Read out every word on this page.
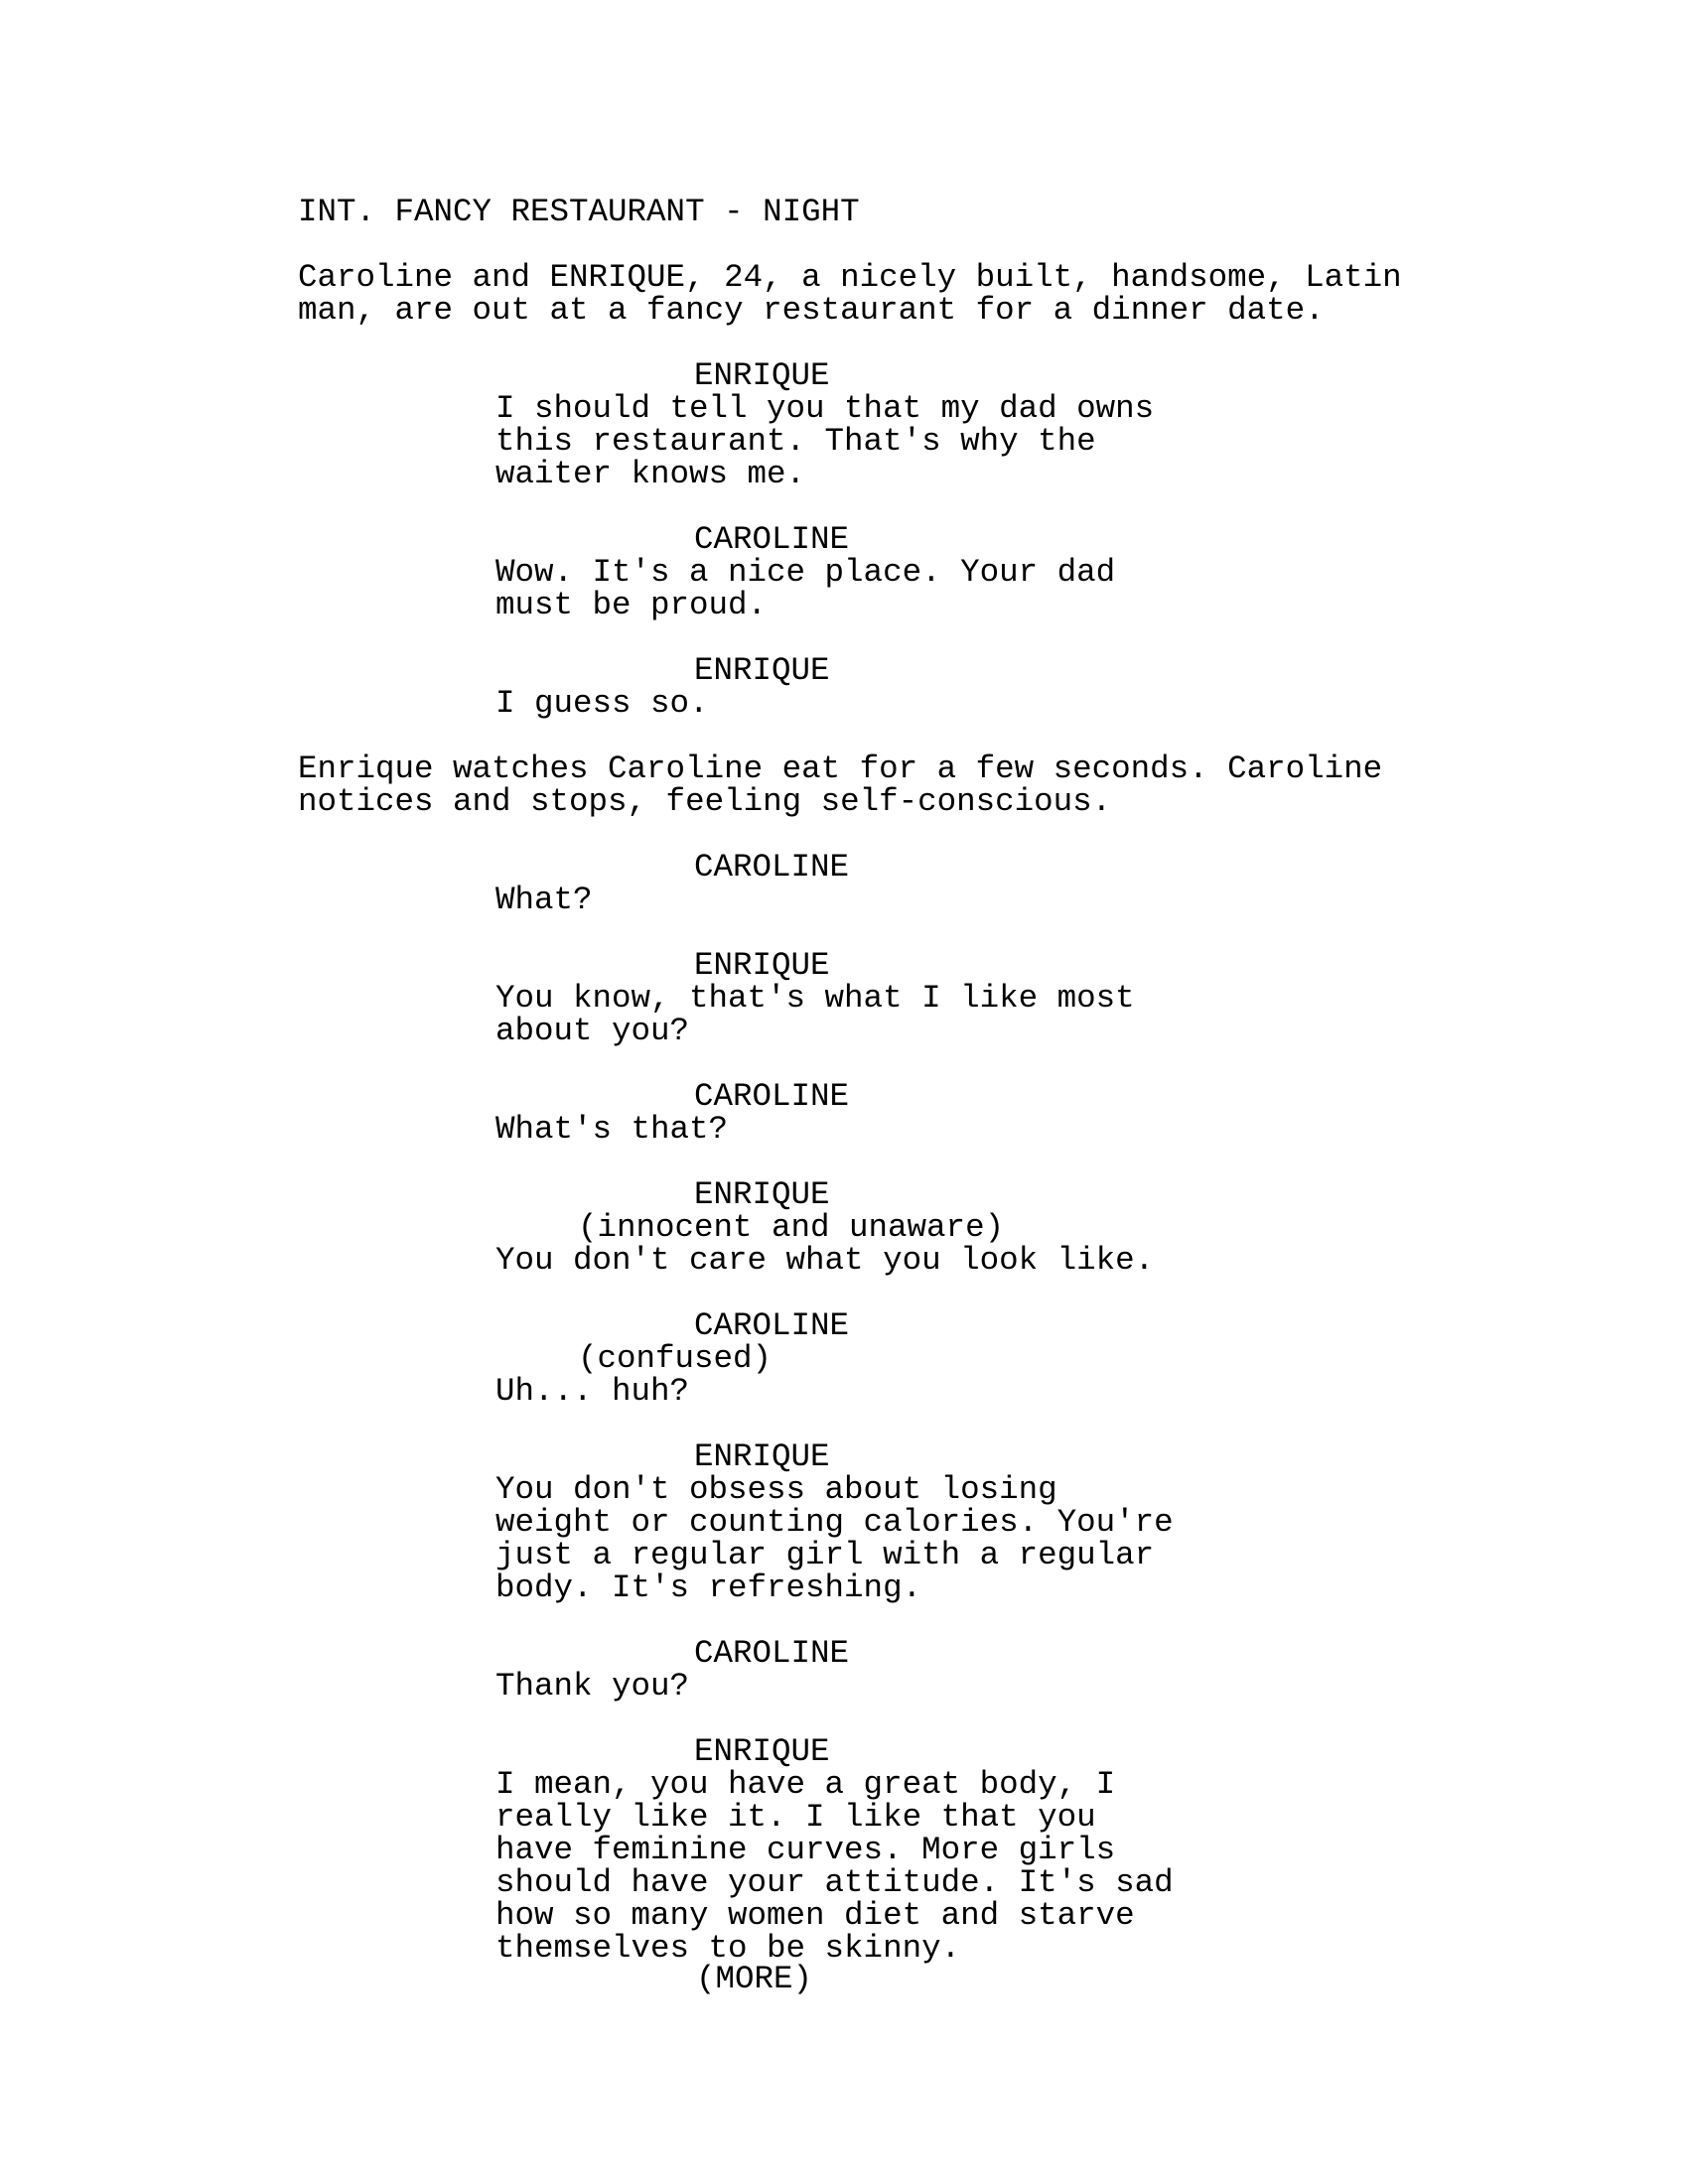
INT. FANCY RESTAURANT - NIGHT
Caroline and ENRIQUE, 24, a nicely built, handsome, Latin
man, are out at a fancy restaurant for a dinner date.
ENRIQUE
I should tell you that my dad owns
this restaurant. That's why the
waiter knows me.
CAROLINE
Wow. It's a nice place. Your dad
must be proud.
ENRIQUE
I guess so.
Enrique watches Caroline eat for a few seconds. Caroline
notices and stops, feeling self-conscious.
CAROLINE
What?
ENRIQUE
You know, that's what I like most
about you?
CAROLINE
What's that?
ENRIQUE
(innocent and unaware)
You don't care what you look like.
CAROLINE
(confused)
Uh... huh?
ENRIQUE
You don't obsess about losing
weight or counting calories. You're
just a regular girl with a regular
body. It's refreshing.
CAROLINE
Thank you?
ENRIQUE
I mean, you have a great body, I
really like it. I like that you
have feminine curves. More girls
should have your attitude. It's sad
how so many women diet and starve
themselves to be skinny.
(MORE)
